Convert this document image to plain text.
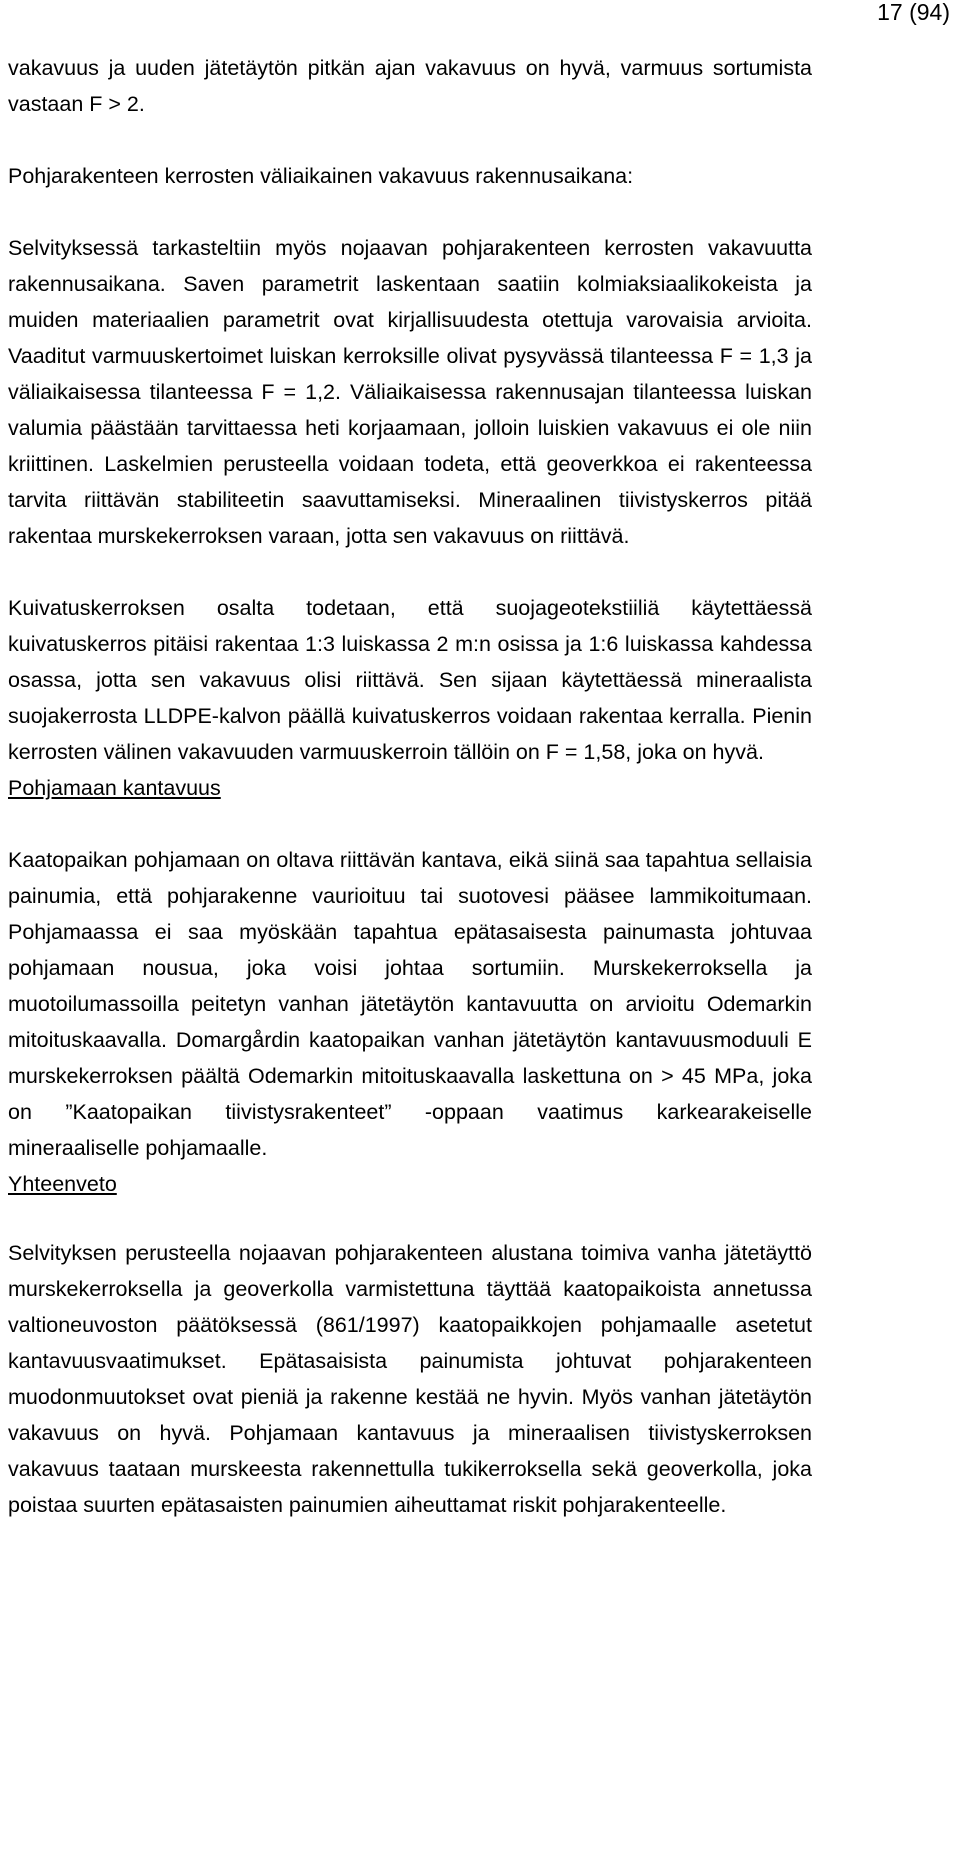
17 (94)

vakavuus ja uuden jätetäytön pitkän ajan vakavuus on hyvä, varmuus sortumista vastaan F > 2.

Pohjarakenteen kerrosten väliaikainen vakavuus rakennusaikana:

Selvityksessä tarkasteltiin myös nojaavan pohjarakenteen kerrosten vakavuutta rakennusaikana. Saven parametrit laskentaan saatiin kolmiaksiaalikokeista ja muiden materiaalien parametrit ovat kirjallisuudesta otettuja varovaisia arvioita. Vaaditut varmuuskertoimet luiskan kerroksille olivat pysyvässä tilanteessa F = 1,3 ja väliaikaisessa tilanteessa F = 1,2. Väliaikaisessa rakennusajan tilanteessa luiskan valumia päästään tarvittaessa heti korjaamaan, jolloin luiskien vakavuus ei ole niin kriittinen. Laskelmien perusteella voidaan todeta, että geoverkkoa ei rakenteessa tarvita riittävän stabiliteetin saavuttamiseksi. Mineraalinen tiivistyskerros pitää rakentaa murskekerroksen varaan, jotta sen vakavuus on riittävä.

Kuivatuskerroksen osalta todetaan, että suojageotekstiiliä käytettäessä kuivatuskerros pitäisi rakentaa 1:3 luiskassa 2 m:n osissa ja 1:6 luiskassa kahdessa osassa, jotta sen vakavuus olisi riittävä. Sen sijaan käytettäessä mineraalista suojakerrosta LLDPE-kalvon päällä kuivatuskerros voidaan rakentaa kerralla. Pienin kerrosten välinen vakavuuden varmuuskerroin tällöin on F = 1,58, joka on hyvä.

Pohjamaan kantavuus

Kaatopaikan pohjamaan on oltava riittävän kantava, eikä siinä saa tapahtua sellaisia painumia, että pohjarakenne vaurioituu tai suotovesi pääsee lammikoitumaan. Pohjamaassa ei saa myöskään tapahtua epätasaisesta painumasta johtuvaa pohjamaan nousua, joka voisi johtaa sortumiin. Murskekerroksella ja muotoilumassoilla peitetyn vanhan jätetäytön kantavuutta on arvioitu Odemarkin mitoituskaavalla. Domargårdin kaatopaikan vanhan jätetäytön kantavuusmoduuli E murskekerroksen päältä Odemarkin mitoituskaavalla laskettuna on > 45 MPa, joka on ”Kaatopaikan tiivistysrakenteet” -oppaan vaatimus karkearakeiselle mineraaliselle pohjamaalle.

Yhteenveto

Selvityksen perusteella nojaavan pohjarakenteen alustana toimiva vanha jätetäyttö murskekerroksella ja geoverkolla varmistettuna täyttää kaatopaikoista annetussa valtioneuvoston päätöksessä (861/1997) kaatopaikkojen pohjamaalle asetetut kantavuusvaatimukset. Epätasaisista painumista johtuvat pohjarakenteen muodonmuutokset ovat pieniä ja rakenne kestää ne hyvin. Myös vanhan jätetäytön vakavuus on hyvä. Pohjamaan kantavuus ja mineraalisen tiivistyskerroksen vakavuus taataan murskeesta rakennettulla tukikerroksella sekä geoverkolla, joka poistaa suurten epätasaisten painumien aiheuttamat riskit pohjarakenteelle.
